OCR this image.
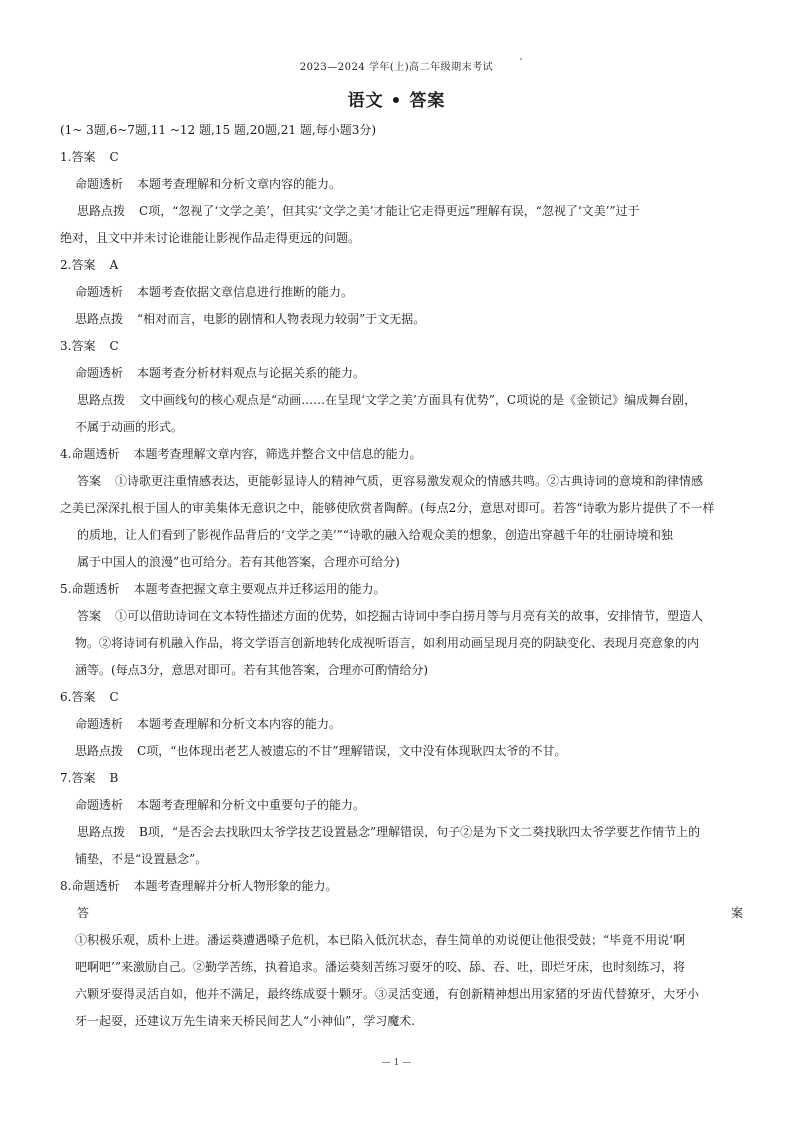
2023—2024 学年(上)高二年级期末考试
语文 • 答案
(1~ 3题,6~7题,11 ~12 题,15 题,20题,21 题,每小题3分)
1.答案 C
命题透析 本题考查理解和分析文章内容的能力。
思路点拨 C项，“忽视了‘文学之美’，但其实‘文学之美’才能让它走得更远”理解有误，“忽视了‘文美’”过于
绝对，且文中并未讨论谁能让影视作品走得更远的问题。
2.答案 A
命题透析 本题考查依据文章信息进行推断的能力。
思路点拨 “相对而言，电影的剧情和人物表现力较弱”于文无据。
3.答案 C
命题透析 本题考查分析材料观点与论据关系的能力。
思路点拨 文中画线句的核心观点是“动画……在呈现‘文学之美’方面具有优势”，C项说的是《金锁记》编成舞台剧，
不属于动画的形式。
4.命题透析 本题考查理解文章内容，筛选并整合文中信息的能力。
答案 ①诗歌更注重情感表达，更能彰显诗人的精神气质，更容易激发观众的情感共鸣。②古典诗词的意境和韵律情感
之美已深深扎根于国人的审美集体无意识之中，能够使欣赏者陶醉。(每点2分，意思对即可。若答“诗歌为影片提供了不一样
的质地，让人们看到了影视作品背后的‘文学之美’”“诗歌的融入给观众美的想象，创造出穿越千年的壮丽诗境和独
属于中国人的浪漫”也可给分。若有其他答案，合理亦可给分)
5.命题透析 本题考查把握文章主要观点并迁移运用的能力。
答案 ①可以借助诗词在文本特性描述方面的优势，如挖掘古诗词中李白捞月等与月亮有关的故事，安排情节，塑造人
物。②将诗词有机融入作品，将文学语言创新地转化成视听语言，如利用动画呈现月亮的阴缺变化、表现月亮意象的内
涵等。(每点3分，意思对即可。若有其他答案，合理亦可酌情给分)
6.答案 C
命题透析 本题考查理解和分析文本内容的能力。
思路点拨 C项，“也体现出老艺人被遗忘的不甘”理解错误，文中没有体现耿四太爷的不甘。
7.答案 B
命题透析 本题考查理解和分析文中重要句子的能力。
思路点拨 B项，“是否会去找耿四太爷学技艺设置悬念”理解错误，句子②是为下文二葵找耿四太爷学要艺作情节上的
铺垫，不是“设置悬念”。
8.命题透析 本题考查理解并分析人物形象的能力。
答	案
①积极乐观，质朴上进。潘运葵遭遇嗓子危机，本已陷入低沉状态，春生简单的劝说便让他很受鼓；“毕竟不用说‘啊
吧啊吧’”来激励自己。②勤学苦练，执着追求。潘运葵刻苦练习耍牙的咬、舔、吞、吐，即烂牙床，也时刻练习，将
六颗牙耍得灵活自如，他并不满足，最终练成耍十颗牙。③灵活变通，有创新精神想出用家猪的牙齿代替獠牙，大牙小
牙一起耍，还建议万先生请来天桥民间艺人“小神仙”，学习魔术.
— 1 —
